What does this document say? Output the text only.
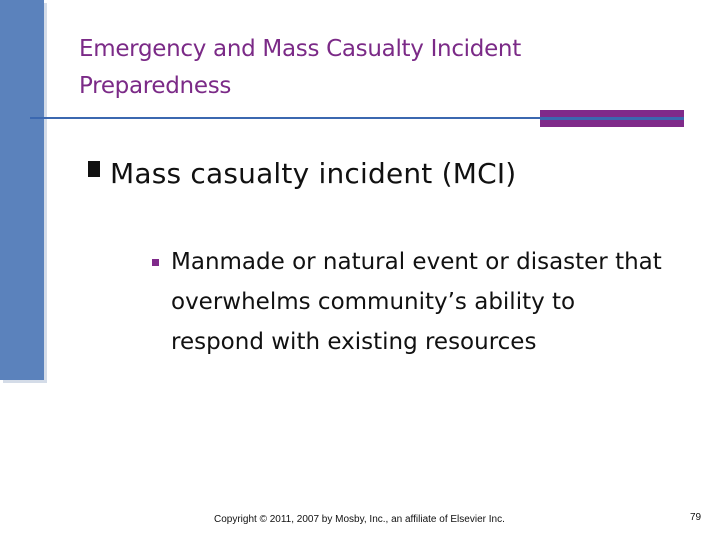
Emergency and Mass Casualty Incident Preparedness

Mass casualty incident (MCI)

Manmade or natural event or disaster that overwhelms community’s ability to respond with existing resources

Copyright © 2011, 2007 by Mosby, Inc., an affiliate of Elsevier Inc.	79
